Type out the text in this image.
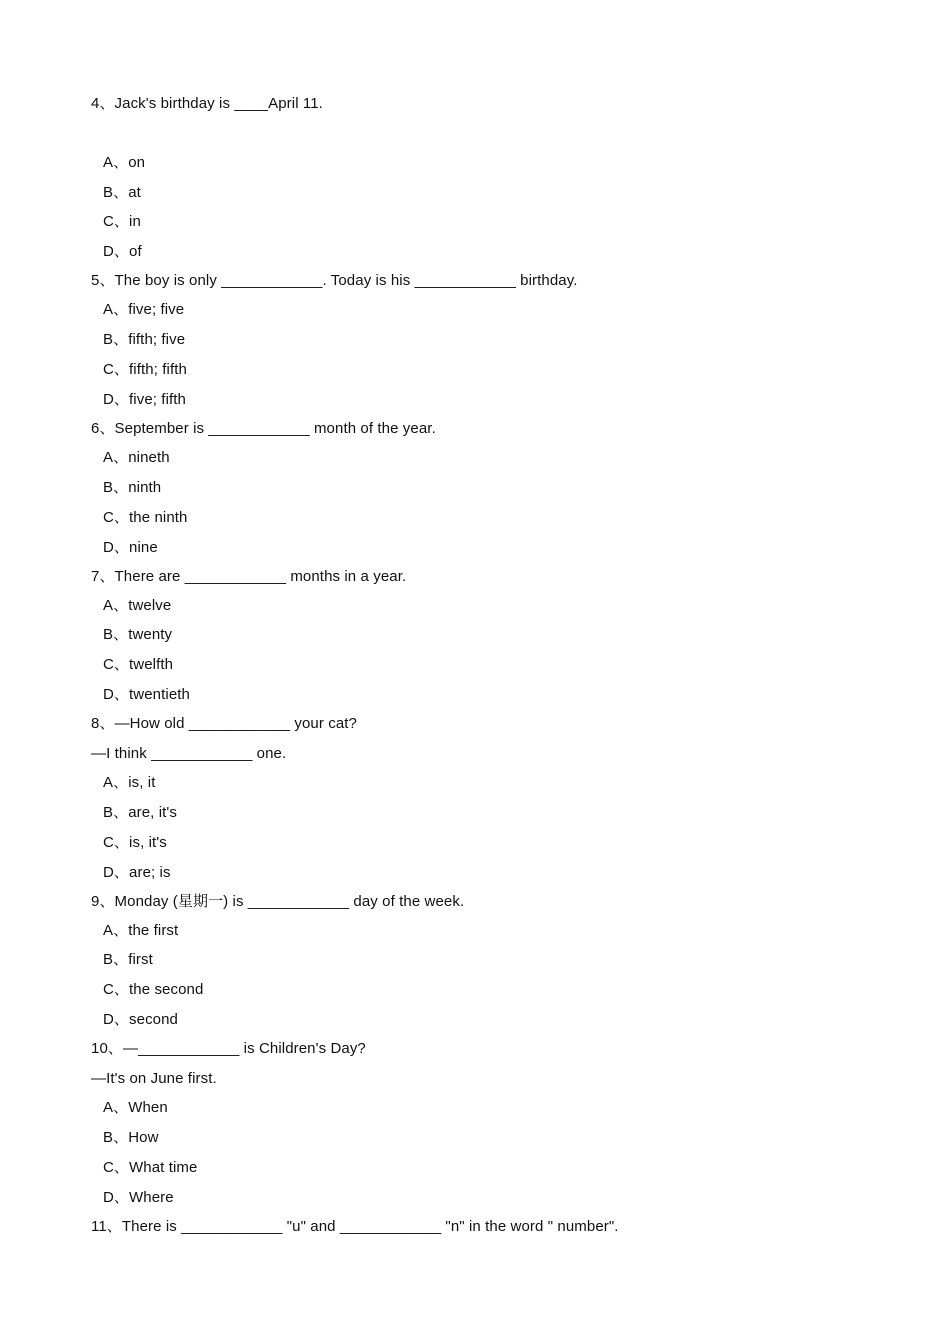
4、Jack's birthday is ____April 11.
A、on
B、at
C、in
D、of
5、The boy is only ____________. Today is his ____________ birthday.
A、five; five
B、fifth; five
C、fifth; fifth
D、five; fifth
6、September is ____________ month of the year.
A、nineth
B、ninth
C、the ninth
D、nine
7、There are ____________ months in a year.
A、twelve
B、twenty
C、twelfth
D、twentieth
8、—How old ____________ your cat?
—I think ____________ one.
A、is, it
B、are, it's
C、is, it's
D、are; is
9、Monday (星期一) is ____________ day of the week.
A、the first
B、first
C、the second
D、second
10、—____________ is Children's Day?
—It's on June first.
A、When
B、How
C、What time
D、Where
11、There is ____________ "u" and ____________ "n" in the word " number".
